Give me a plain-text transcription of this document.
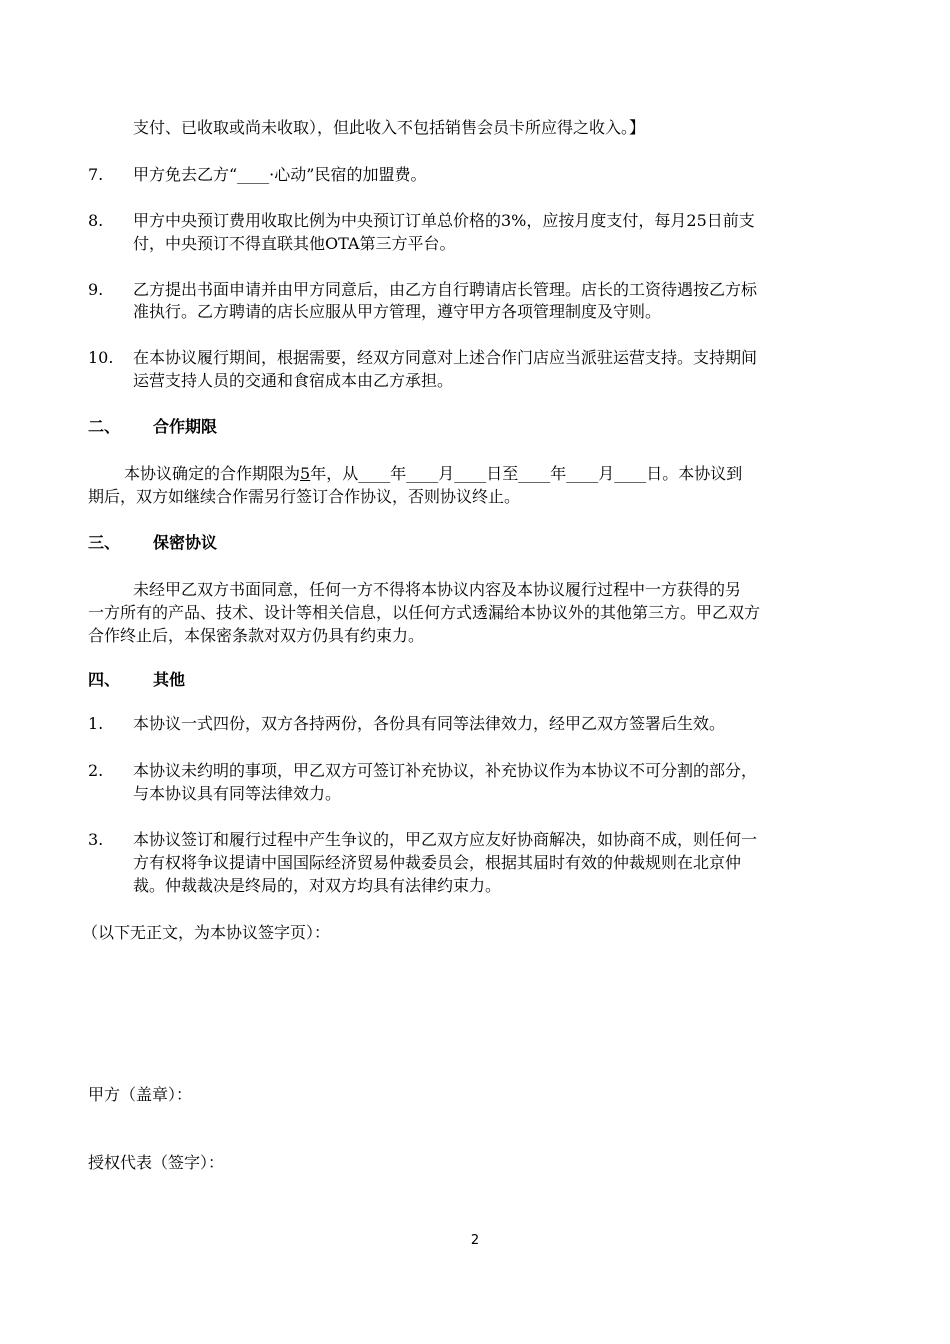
支付、已收取或尚未收取），但此收入不包括销售会员卡所应得之收入。】
7. 甲方免去乙方“____·心动”民宿的加盟费。
8. 甲方中央预订费用收取比例为中央预订订单总价格的3%，应按月度支付，每月25日前支
付，中央预订不得直联其他OTA第三方平台。
9. 乙方提出书面申请并由甲方同意后，由乙方自行聘请店长管理。店长的工资待遇按乙方标
准执行。乙方聘请的店长应服从甲方管理，遵守甲方各项管理制度及守则。
10. 在本协议履行期间，根据需要，经双方同意对上述合作门店应当派驻运营支持。支持期间
运营支持人员的交通和食宿成本由乙方承担。
二、 合作期限
本协议确定的合作期限为5年，从____年____月____日至____年____月____日。本协议到
期后，双方如继续合作需另行签订合作协议，否则协议终止。
三、 保密协议
未经甲乙双方书面同意，任何一方不得将本协议内容及本协议履行过程中一方获得的另
一方所有的产品、技术、设计等相关信息，以任何方式透漏给本协议外的其他第三方。甲乙双方
合作终止后，本保密条款对双方仍具有约束力。
四、 其他
1. 本协议一式四份，双方各持两份，各份具有同等法律效力，经甲乙双方签署后生效。
2. 本协议未约明的事项，甲乙双方可签订补充协议，补充协议作为本协议不可分割的部分，
与本协议具有同等法律效力。
3. 本协议签订和履行过程中产生争议的，甲乙双方应友好协商解决，如协商不成，则任何一
方有权将争议提请中国国际经济贸易仲裁委员会，根据其届时有效的仲裁规则在北京仲
裁。仲裁裁决是终局的，对双方均具有法律约束力。
（以下无正文，为本协议签字页）：
甲方（盖章）：
授权代表（签字）：
2
